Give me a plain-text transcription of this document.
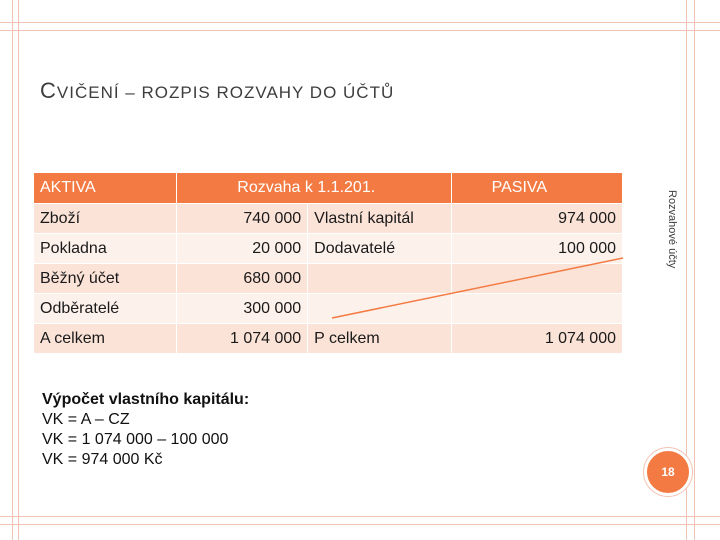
CVIČENÍ – ROZPIS ROZVAHY DO ÚČTŮ
AKTIVA	Rozvaha k 1.1.201.		PASIVA
Zboží	740 000	Vlastní kapitál	974 000
Pokladna	20 000	Dodavatelé	100 000
Běžný účet	680 000		
Odběratelé	300 000		
A celkem	1 074 000	P celkem	1 074 000
Rozvahové účty
Výpočet vlastního kapitálu:
VK = A – CZ
VK = 1 074 000 – 100 000
VK = 974 000 Kč
18
